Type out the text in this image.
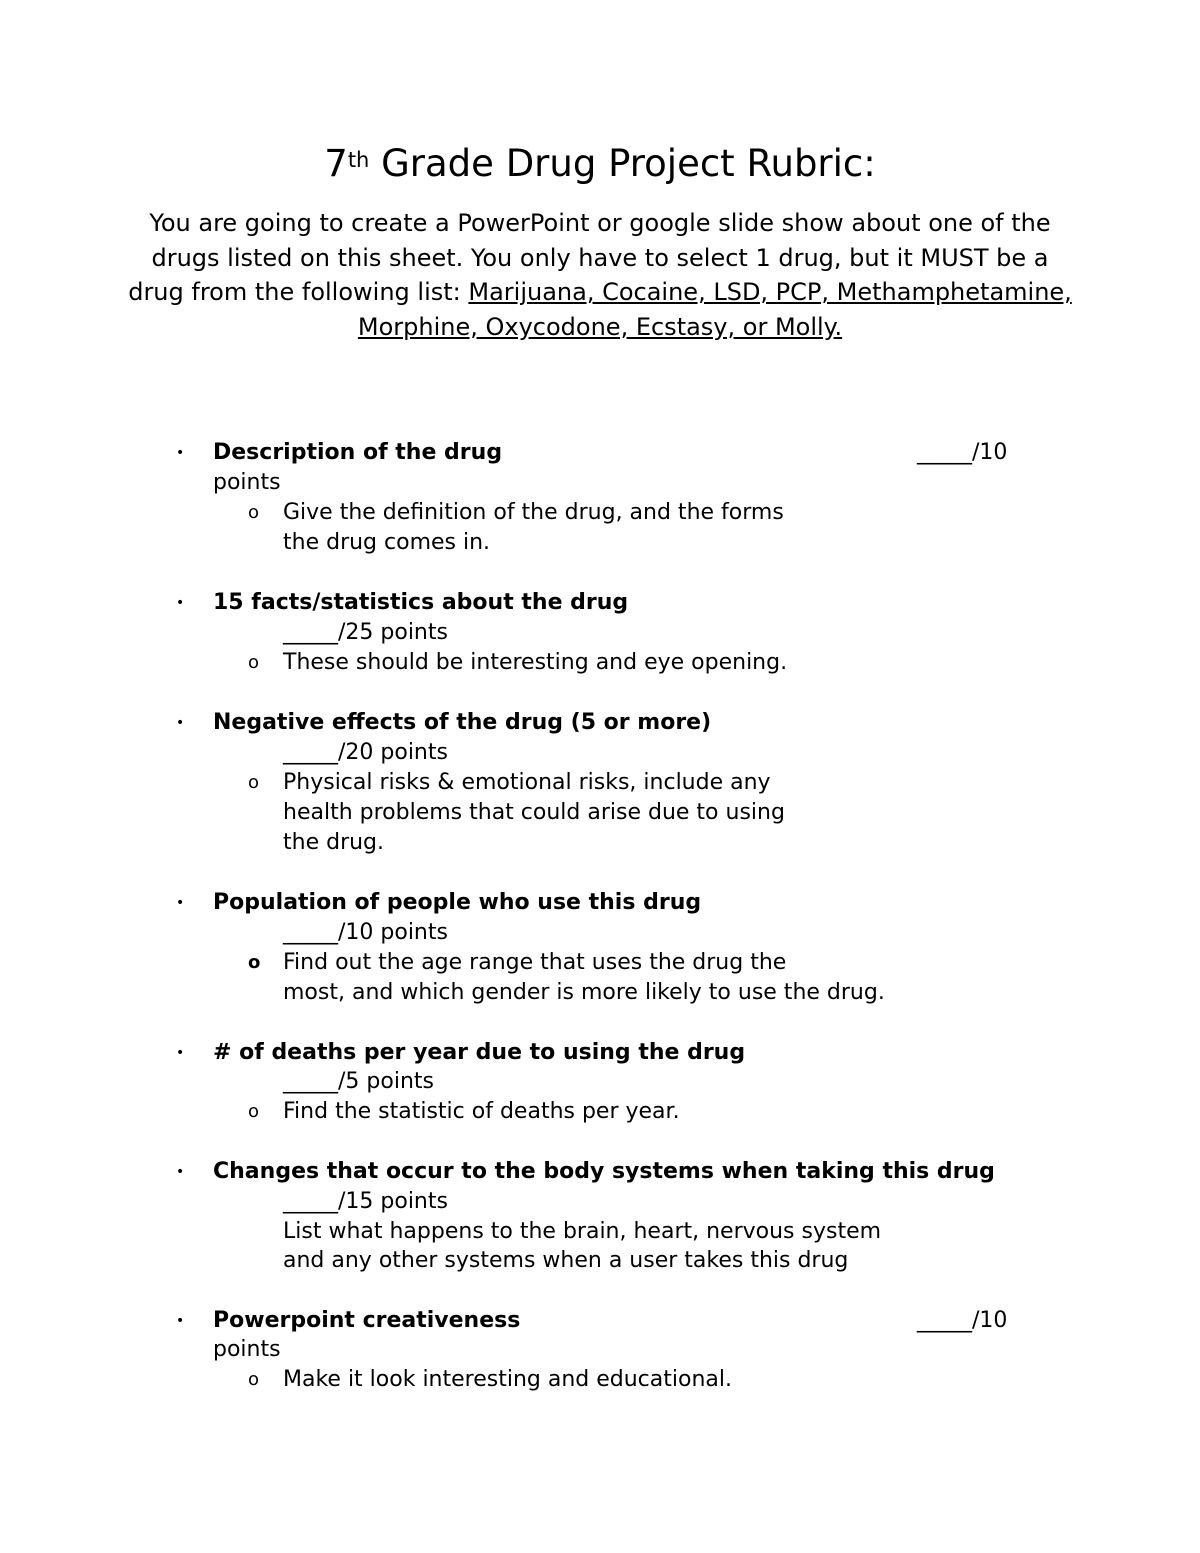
7th Grade Drug Project Rubric:
You are going to create a PowerPoint or google slide show about one of the drugs listed on this sheet. You only have to select 1 drug, but it MUST be a drug from the following list: Marijuana, Cocaine, LSD, PCP, Methamphetamine, Morphine, Oxycodone, Ecstasy, or Molly.
• Description of the drug	_____/10
points
o Give the definition of the drug, and the forms
the drug comes in.
• 15 facts/statistics about the drug
_____/25 points
o These should be interesting and eye opening.
• Negative effects of the drug (5 or more)
_____/20 points
o Physical risks & emotional risks, include any
health problems that could arise due to using
the drug.
• Population of people who use this drug
_____/10 points
o Find out the age range that uses the drug the
most, and which gender is more likely to use the drug.
• # of deaths per year due to using the drug
_____/5 points
o Find the statistic of deaths per year.
• Changes that occur to the body systems when taking this drug
_____/15 points
List what happens to the brain, heart, nervous system
and any other systems when a user takes this drug
• Powerpoint creativeness	_____/10
points
o Make it look interesting and educational.
